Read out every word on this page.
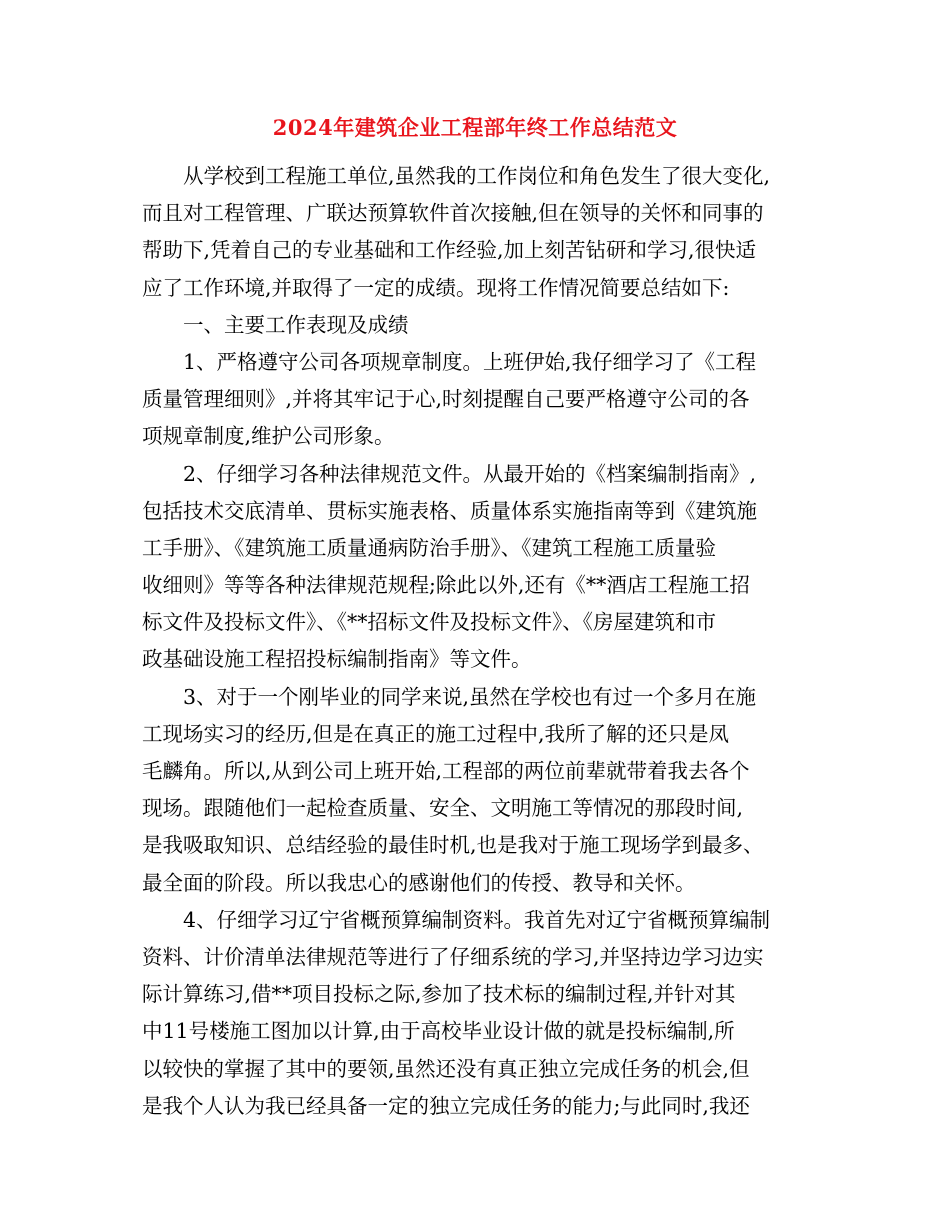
2024年建筑企业工程部年终工作总结范文
从学校到工程施工单位,虽然我的工作岗位和角色发生了很大变化,
而且对工程管理、广联达预算软件首次接触,但在领导的关怀和同事的
帮助下,凭着自己的专业基础和工作经验,加上刻苦钻研和学习,很快适
应了工作环境,并取得了一定的成绩。现将工作情况简要总结如下:
一、主要工作表现及成绩
1、严格遵守公司各项规章制度。上班伊始,我仔细学习了《工程
质量管理细则》,并将其牢记于心,时刻提醒自己要严格遵守公司的各
项规章制度,维护公司形象。
2、仔细学习各种法律规范文件。从最开始的《档案编制指南》,
包括技术交底清单、贯标实施表格、质量体系实施指南等到《建筑施
工手册》、《建筑施工质量通病防治手册》、《建筑工程施工质量验
收细则》等等各种法律规范规程;除此以外,还有《**酒店工程施工招
标文件及投标文件》、《**招标文件及投标文件》、《房屋建筑和市
政基础设施工程招投标编制指南》等文件。
3、对于一个刚毕业的同学来说,虽然在学校也有过一个多月在施
工现场实习的经历,但是在真正的施工过程中,我所了解的还只是凤
毛麟角。所以,从到公司上班开始,工程部的两位前辈就带着我去各个
现场。跟随他们一起检查质量、安全、文明施工等情况的那段时间,
是我吸取知识、总结经验的最佳时机,也是我对于施工现场学到最多、
最全面的阶段。所以我忠心的感谢他们的传授、教导和关怀。
4、仔细学习辽宁省概预算编制资料。我首先对辽宁省概预算编制
资料、计价清单法律规范等进行了仔细系统的学习,并坚持边学习边实
际计算练习,借**项目投标之际,参加了技术标的编制过程,并针对其
中11号楼施工图加以计算,由于高校毕业设计做的就是投标编制,所
以较快的掌握了其中的要领,虽然还没有真正独立完成任务的机会,但
是我个人认为我已经具备一定的独立完成任务的能力;与此同时,我还
